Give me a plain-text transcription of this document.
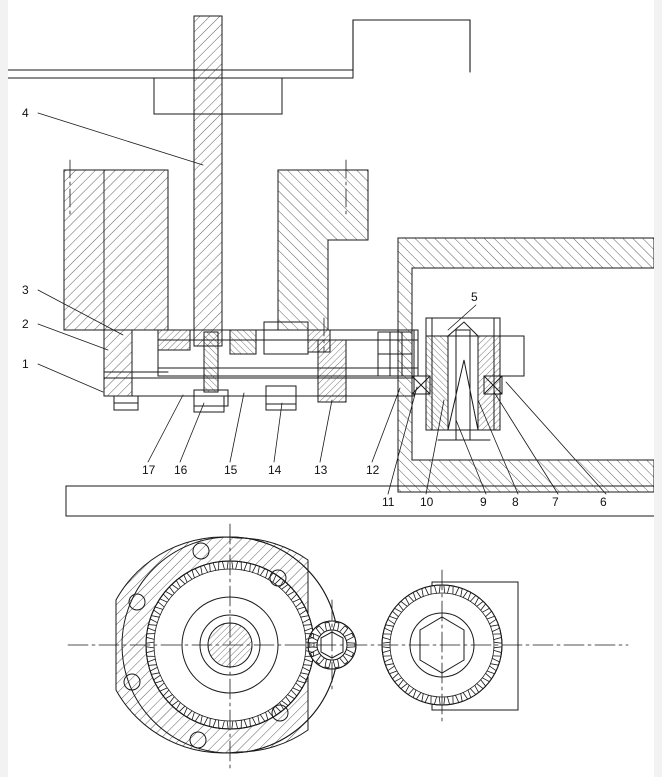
4
3
2
1
5
17 16	15	14	13	12
11 10	9 8	7	6
